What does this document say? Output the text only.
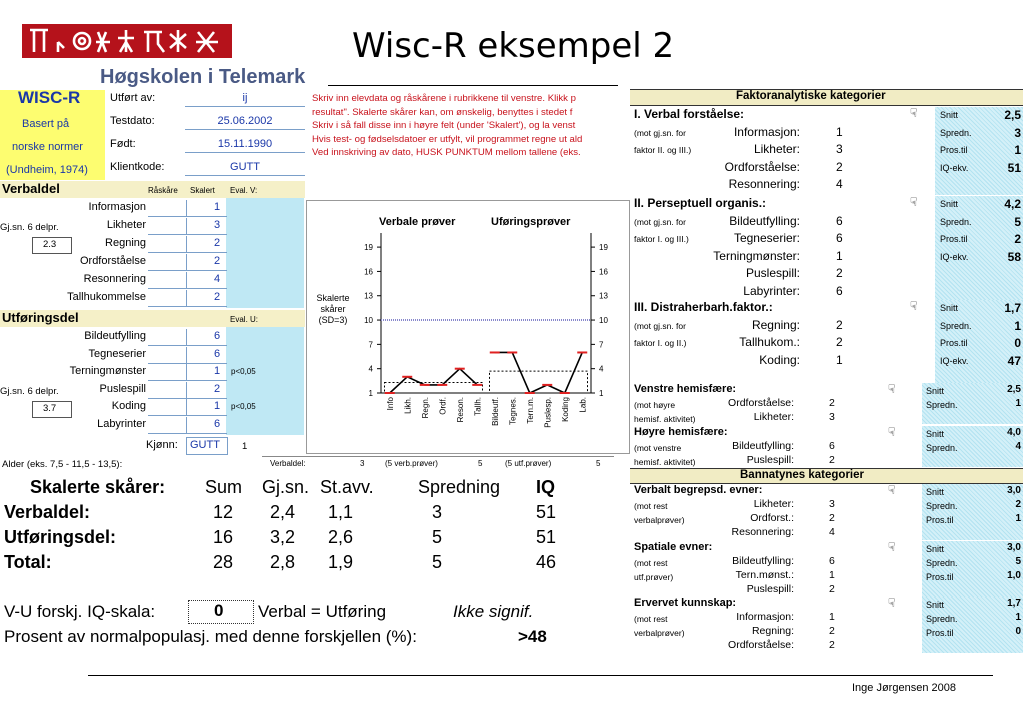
Wisc-R eksempel 2
Høgskolen i Telemark
WISC-R
Basert på
norske normer
(Undheim, 1974)
Utført av:	ij
Testdato:	25.06.2002
Født:	15.11.1990
Klientkode:	GUTT
Skriv inn elevdata og råskårene i rubrikkene til venstre. Klikk p
resultat". Skalerte skårer kan, om ønskelig, benyttes i stedet f
Skriv i så fall disse inn i høyre felt (under 'Skalert'), og la venst
Hvis test- og fødselsdatoer er utfylt, vil programmet regne ut ald
Ved innskriving av dato, HUSK PUNKTUM mellom tallene (eks.
Verbaldel	Råskåre Skalert Eval. V:
Informasjon	1
Likheter	3
Regning	2
Ordforståelse	2
Resonnering	4
Tallhukommelse	2
Gj.sn. 6 delpr.
2.3
Utføringsdel	Eval. U:
Bildeutfylling	6
Tegneserier	6
Terningmønster	1 p<0,05
Puslespill	2
Koding	1 p<0,05
Labyrinter	6
Gj.sn. 6 delpr.
3.7
Kjønn: GUTT 1
Alder (eks. 7,5 - 11,5 - 13,5):	Verbaldel:	3	(5 verb.prøver)	5	(5 utf.prøver)	5
Verbale prøver	Uføringsprøver
1	1
4	4
7	7
10	10
13	13
16	16
19	19
Skalerte skårer (SD=3)
Info Likh. Regn. Ordf. Reson. Tallh. Bildeutf. Tegnes. Tern.m. Puslesp. Koding Lab.
Skalerte skårer: Sum Gj.sn. St.avv. Spredning IQ
Verbaldel:	12 2,4 1,1	3	51
Utføringsdel:	16 3,2 2,6	5	51
Total:	28 2,8 1,9	5	46
V-U forskj. IQ-skala:	0 Verbal = Utføring	Ikke signif.
Prosent av normalpopulasj. med denne forskjellen (%):	>48
Faktoranalytiske kategorier
I. Verbal forståelse:	☟	Snitt	2,5
Spredn.	3
Pros.til	1
IQ-ekv.	51
(mot gj.sn. for
faktor II. og III.)
Informasjon:	1
Likheter:	3
Ordforståelse:	2
Resonnering:	4
II. Perseptuell organis.:	☟	Snitt	4,2
Spredn.	5
Pros.til	2
IQ-ekv.	58
(mot gj.sn. for
faktor I. og III.)
Bildeutfylling:	6
Tegneserier:	6
Terningmønster:	1
Puslespill:	2
Labyrinter:	6
III. Distraherbarh.faktor.:	☟	Snitt	1,7
Spredn.	1
Pros.til	0
IQ-ekv.	47
(mot gj.sn. for
faktor I. og II.)
Regning:	2
Tallhukom.:	2
Koding:	1
Venstre hemisfære:	☟	Snitt	2,5
Spredn.	1
(mot høyre
hemisf. aktivitet)
Ordforståelse:	2
Likheter:	3
Høyre hemisfære:	☟	Snitt	4,0
Spredn.	4
(mot venstre
hemisf. aktivitet)
Bildeutfylling:	6
Puslespill:	2
Bannatynes kategorier
Verbalt begrepsd. evner:	☟	Snitt	3,0
Spredn.	2
Pros.til	1
(mot rest
verbalprøver)
Likheter:	3
Ordforst.:	2
Resonnering:	4
Spatiale evner:	☟	Snitt	3,0
Spredn.	5
Pros.til	1,0
(mot rest
utf.prøver)
Bildeutfylling:	6
Tern.mønst.:	1
Puslespill:	2
Ervervet kunnskap:	☟	Snitt	1,7
Spredn.	1
Pros.til	0
(mot rest
verbalprøver)
Informasjon:	1
Regning:	2
Ordforståelse:	2
Inge Jørgensen 2008
